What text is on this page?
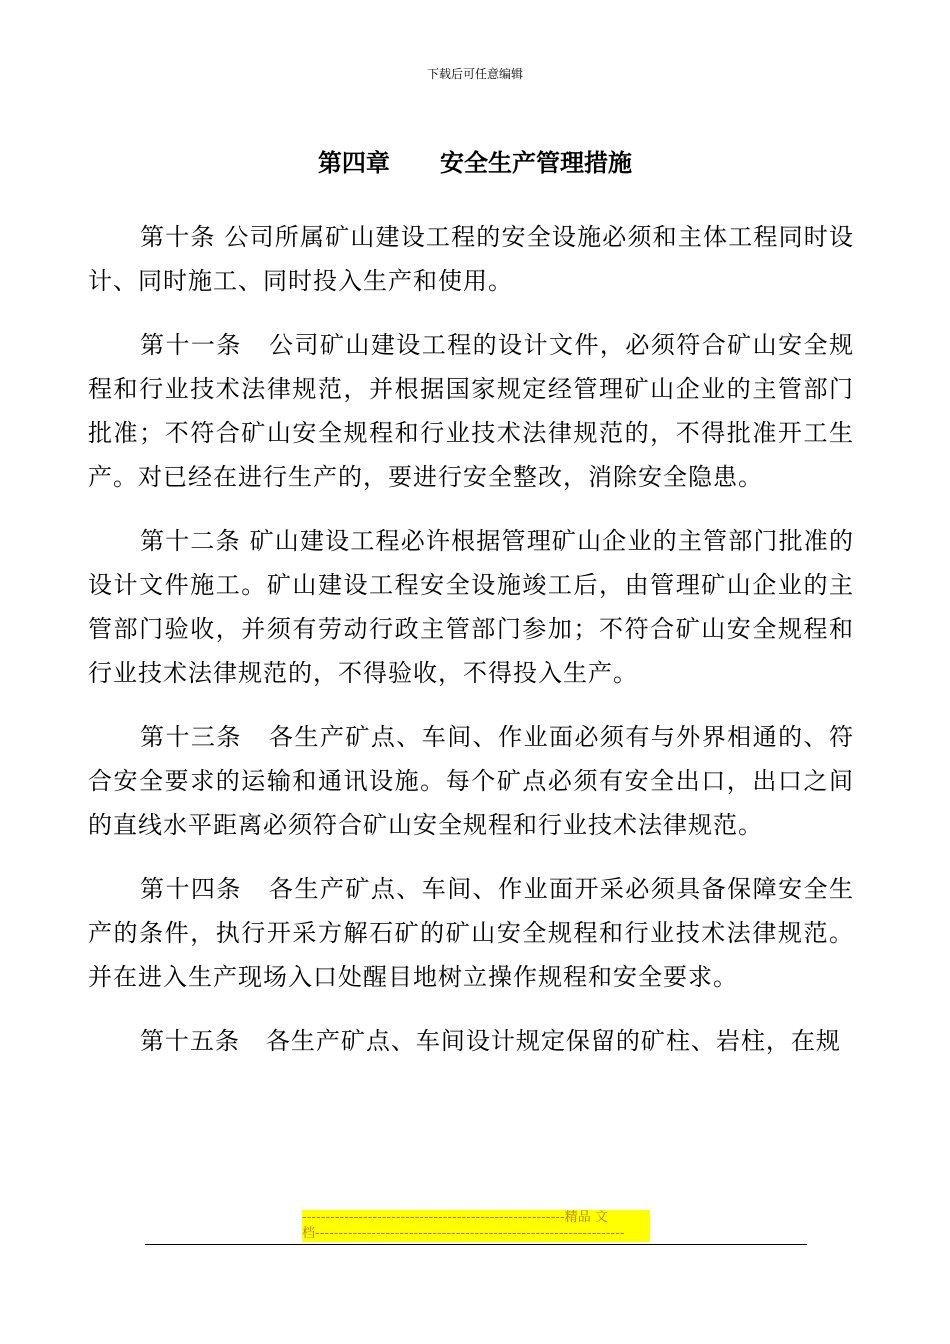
下载后可任意编辑
第四章      安全生产管理措施

第十条 公司所属矿山建设工程的安全设施必须和主体工程同时设计、同时施工、同时投入生产和使用。

第十一条   公司矿山建设工程的设计文件，必须符合矿山安全规程和行业技术法律规范，并根据国家规定经管理矿山企业的主管部门批准；不符合矿山安全规程和行业技术法律规范的，不得批准开工生产。对已经在进行生产的，要进行安全整改，消除安全隐患。

第十二条 矿山建设工程必许根据管理矿山企业的主管部门批准的设计文件施工。矿山建设工程安全设施竣工后，由管理矿山企业的主管部门验收，并须有劳动行政主管部门参加；不符合矿山安全规程和行业技术法律规范的，不得验收，不得投入生产。

第十三条   各生产矿点、车间、作业面必须有与外界相通的、符合安全要求的运输和通讯设施。每个矿点必须有安全出口，出口之间的直线水平距离必须符合矿山安全规程和行业技术法律规范。

第十四条   各生产矿点、车间、作业面开采必须具备保障安全生产的条件，执行开采方解石矿的矿山安全规程和行业技术法律规范。并在进入生产现场入口处醒目地树立操作规程和安全要求。

第十五条   各生产矿点、车间设计规定保留的矿柱、岩柱，在规

--------------------------------------------------------精品 文
档------------------------------------------------------------------
